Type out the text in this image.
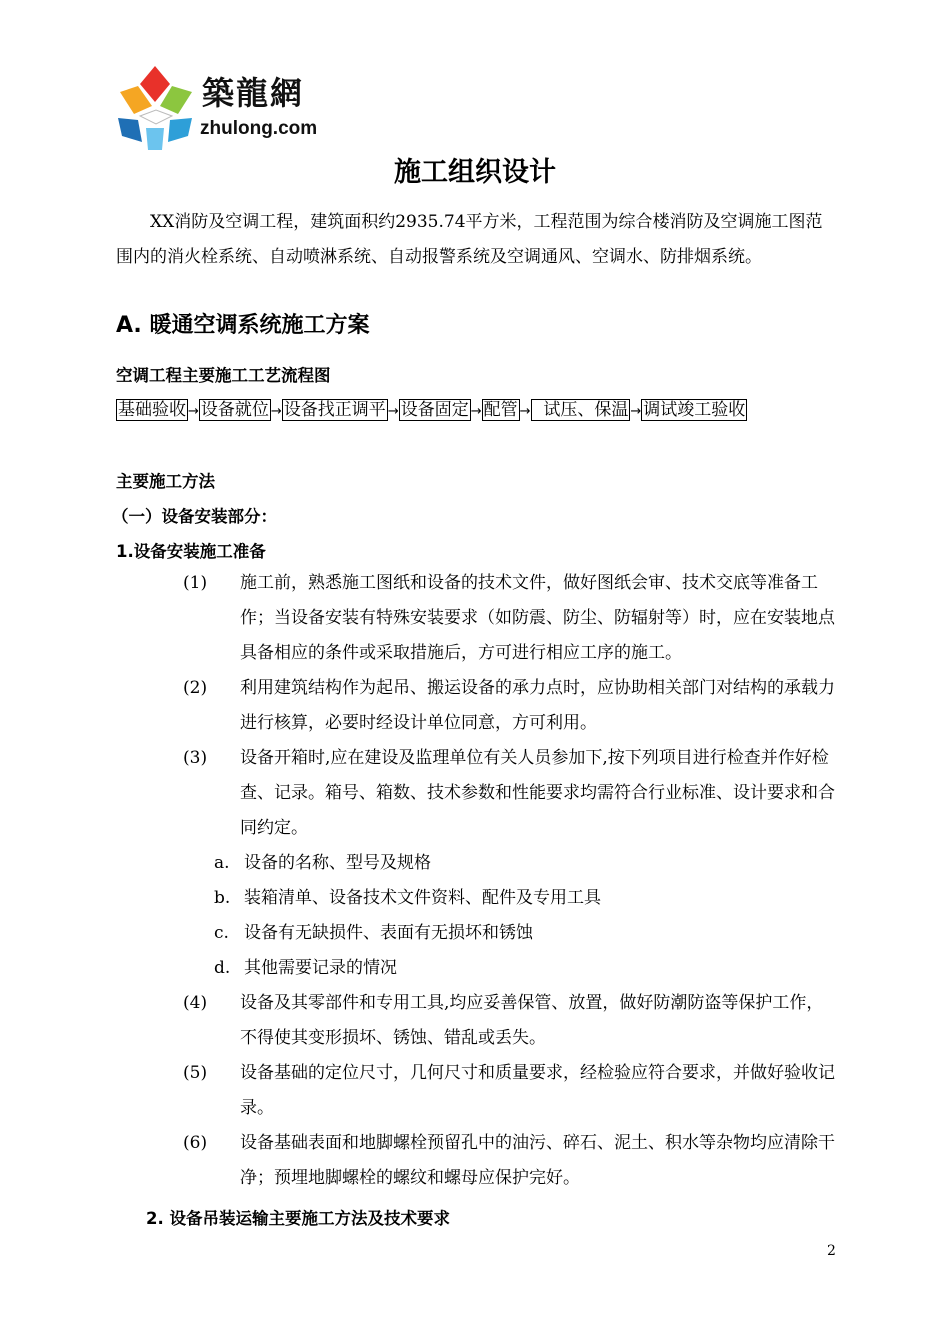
築龍網
zhulong.com
施工组织设计
XX消防及空调工程，建筑面积约2935.74平方米，工程范围为综合楼消防及空调施工图范围内的消火栓系统、自动喷淋系统、自动报警系统及空调通风、空调水、防排烟系统。
A. 暖通空调系统施工方案
空调工程主要施工工艺流程图
基础验收 → 设备就位 → 设备找正调平 → 设备固定 → 配管 →  试压、保温 → 调试竣工验收
主要施工方法
（一）设备安装部分：
1.设备安装施工准备
(1) 施工前，熟悉施工图纸和设备的技术文件，做好图纸会审、技术交底等准备工作；当设备安装有特殊安装要求（如防震、防尘、防辐射等）时，应在安装地点具备相应的条件或采取措施后，方可进行相应工序的施工。
(2) 利用建筑结构作为起吊、搬运设备的承力点时，应协助相关部门对结构的承载力进行核算，必要时经设计单位同意，方可利用。
(3) 设备开箱时,应在建设及监理单位有关人员参加下,按下列项目进行检查并作好检查、记录。箱号、箱数、技术参数和性能要求均需符合行业标准、设计要求和合同约定。
a. 设备的名称、型号及规格
b. 装箱清单、设备技术文件资料、配件及专用工具
c. 设备有无缺损件、表面有无损坏和锈蚀
d. 其他需要记录的情况
(4) 设备及其零部件和专用工具,均应妥善保管、放置，做好防潮防盗等保护工作，不得使其变形损坏、锈蚀、错乱或丢失。
(5) 设备基础的定位尺寸，几何尺寸和质量要求，经检验应符合要求，并做好验收记录。
(6) 设备基础表面和地脚螺栓预留孔中的油污、碎石、泥土、积水等杂物均应清除干净；预埋地脚螺栓的螺纹和螺母应保护完好。
2. 设备吊装运输主要施工方法及技术要求
2
